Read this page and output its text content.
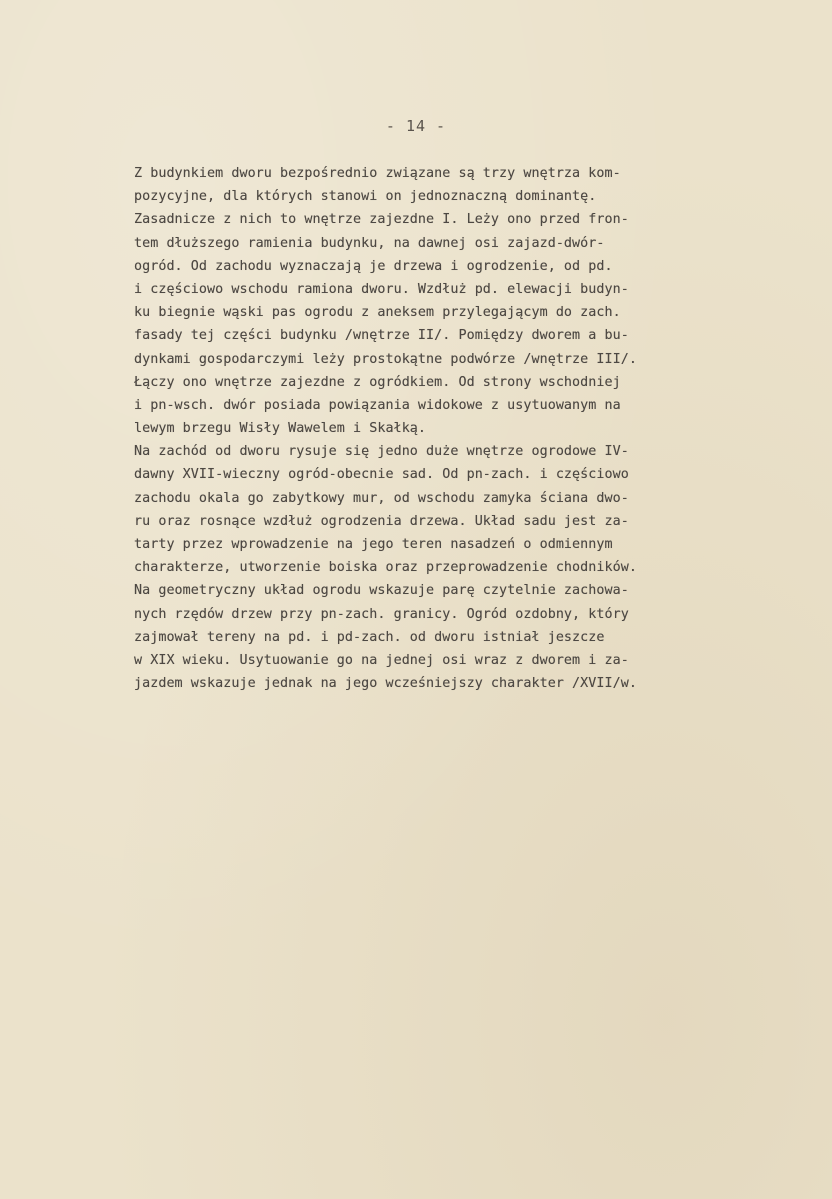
- 14 -
Z budynkiem dworu bezpośrednio związane są trzy wnętrza kom-
pozycyjne, dla których stanowi on jednoznaczną dominantę.
Zasadnicze z nich to wnętrze zajezdne I. Leży ono przed fron-
tem dłuższego ramienia budynku, na dawnej osi zajazd-dwór-
ogród. Od zachodu wyznaczają je drzewa i ogrodzenie, od pd.
i częściowo wschodu ramiona dworu. Wzdłuż pd. elewacji budyn-
ku biegnie wąski pas ogrodu z aneksem przylegającym do zach.
fasady tej części budynku /wnętrze II/. Pomiędzy dworem a bu-
dynkami gospodarczymi leży prostokątne podwórze /wnętrze III/.
Łączy ono wnętrze zajezdne z ogródkiem. Od strony wschodniej
i pn-wsch. dwór posiada powiązania widokowe z usytuowanym na
lewym brzegu Wisły Wawelem i Skałką.
Na zachód od dworu rysuje się jedno duże wnętrze ogrodowe IV-
dawny XVII-wieczny ogród-obecnie sad. Od pn-zach. i częściowo
zachodu okala go zabytkowy mur, od wschodu zamyka ściana dwo-
ru oraz rosnące wzdłuż ogrodzenia drzewa. Układ sadu jest za-
tarty przez wprowadzenie na jego teren nasadzeń o odmiennym
charakterze, utworzenie boiska oraz przeprowadzenie chodników.
Na geometryczny układ ogrodu wskazuje parę czytelnie zachowa-
nych rzędów drzew przy pn-zach. granicy. Ogród ozdobny, który
zajmował tereny na pd. i pd-zach. od dworu istniał jeszcze
w XIX wieku. Usytuowanie go na jednej osi wraz z dworem i za-
jazdem wskazuje jednak na jego wcześniejszy charakter /XVII/w.
